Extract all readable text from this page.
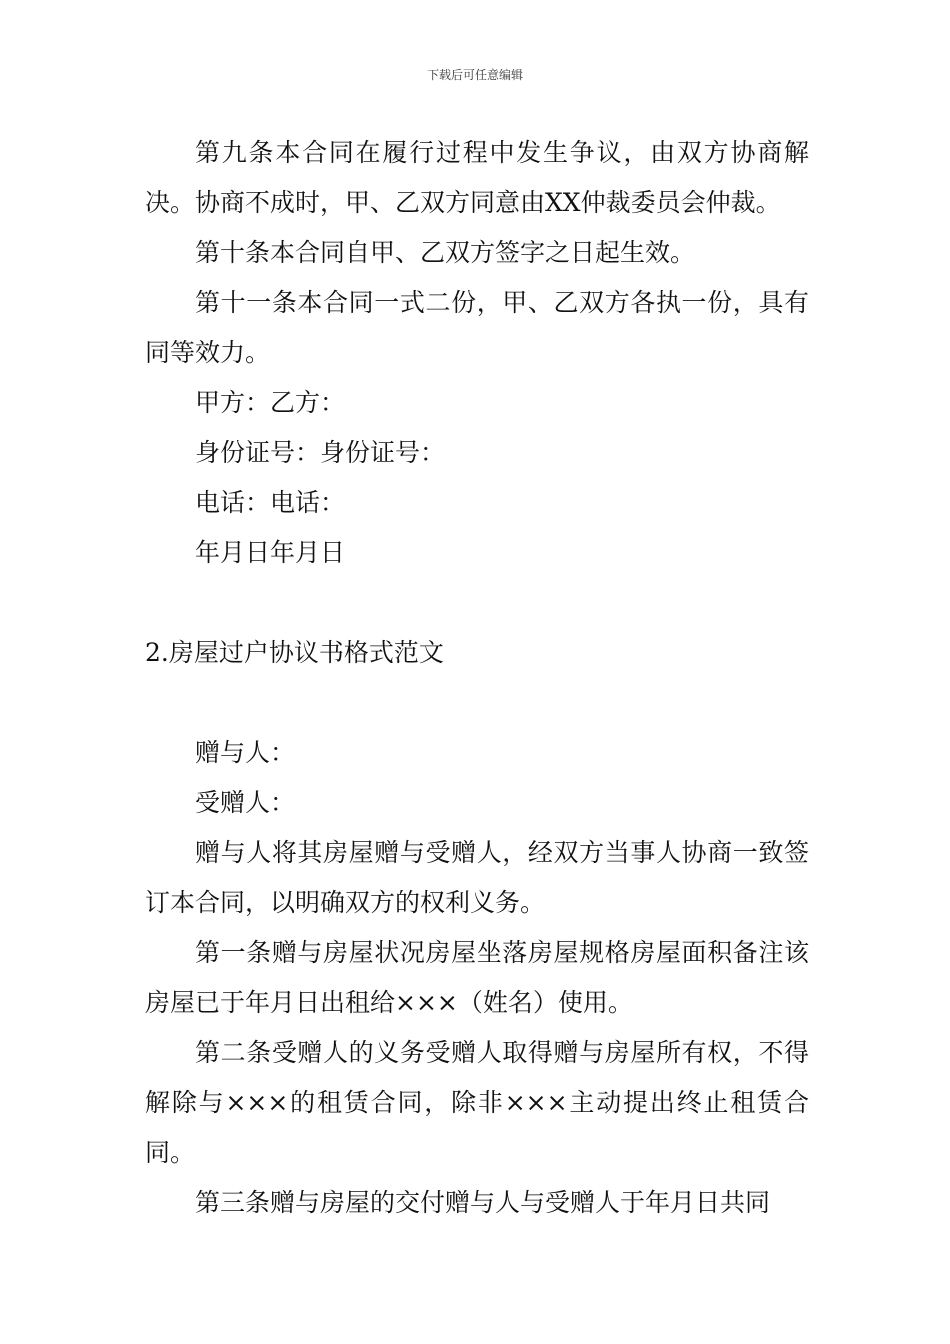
下载后可任意编辑

第九条本合同在履行过程中发生争议，由双方协商解决。协商不成时，甲、乙双方同意由XX仲裁委员会仲裁。

第十条本合同自甲、乙双方签字之日起生效。

第十一条本合同一式二份，甲、乙双方各执一份，具有同等效力。

甲方：乙方：

身份证号：身份证号：

电话：电话：

年月日年月日

2.房屋过户协议书格式范文

赠与人：

受赠人：

赠与人将其房屋赠与受赠人，经双方当事人协商一致签订本合同，以明确双方的权利义务。

第一条赠与房屋状况房屋坐落房屋规格房屋面积备注该房屋已于年月日出租给×××（姓名）使用。

第二条受赠人的义务受赠人取得赠与房屋所有权，不得解除与×××的租赁合同，除非×××主动提出终止租赁合同。

第三条赠与房屋的交付赠与人与受赠人于年月日共同
